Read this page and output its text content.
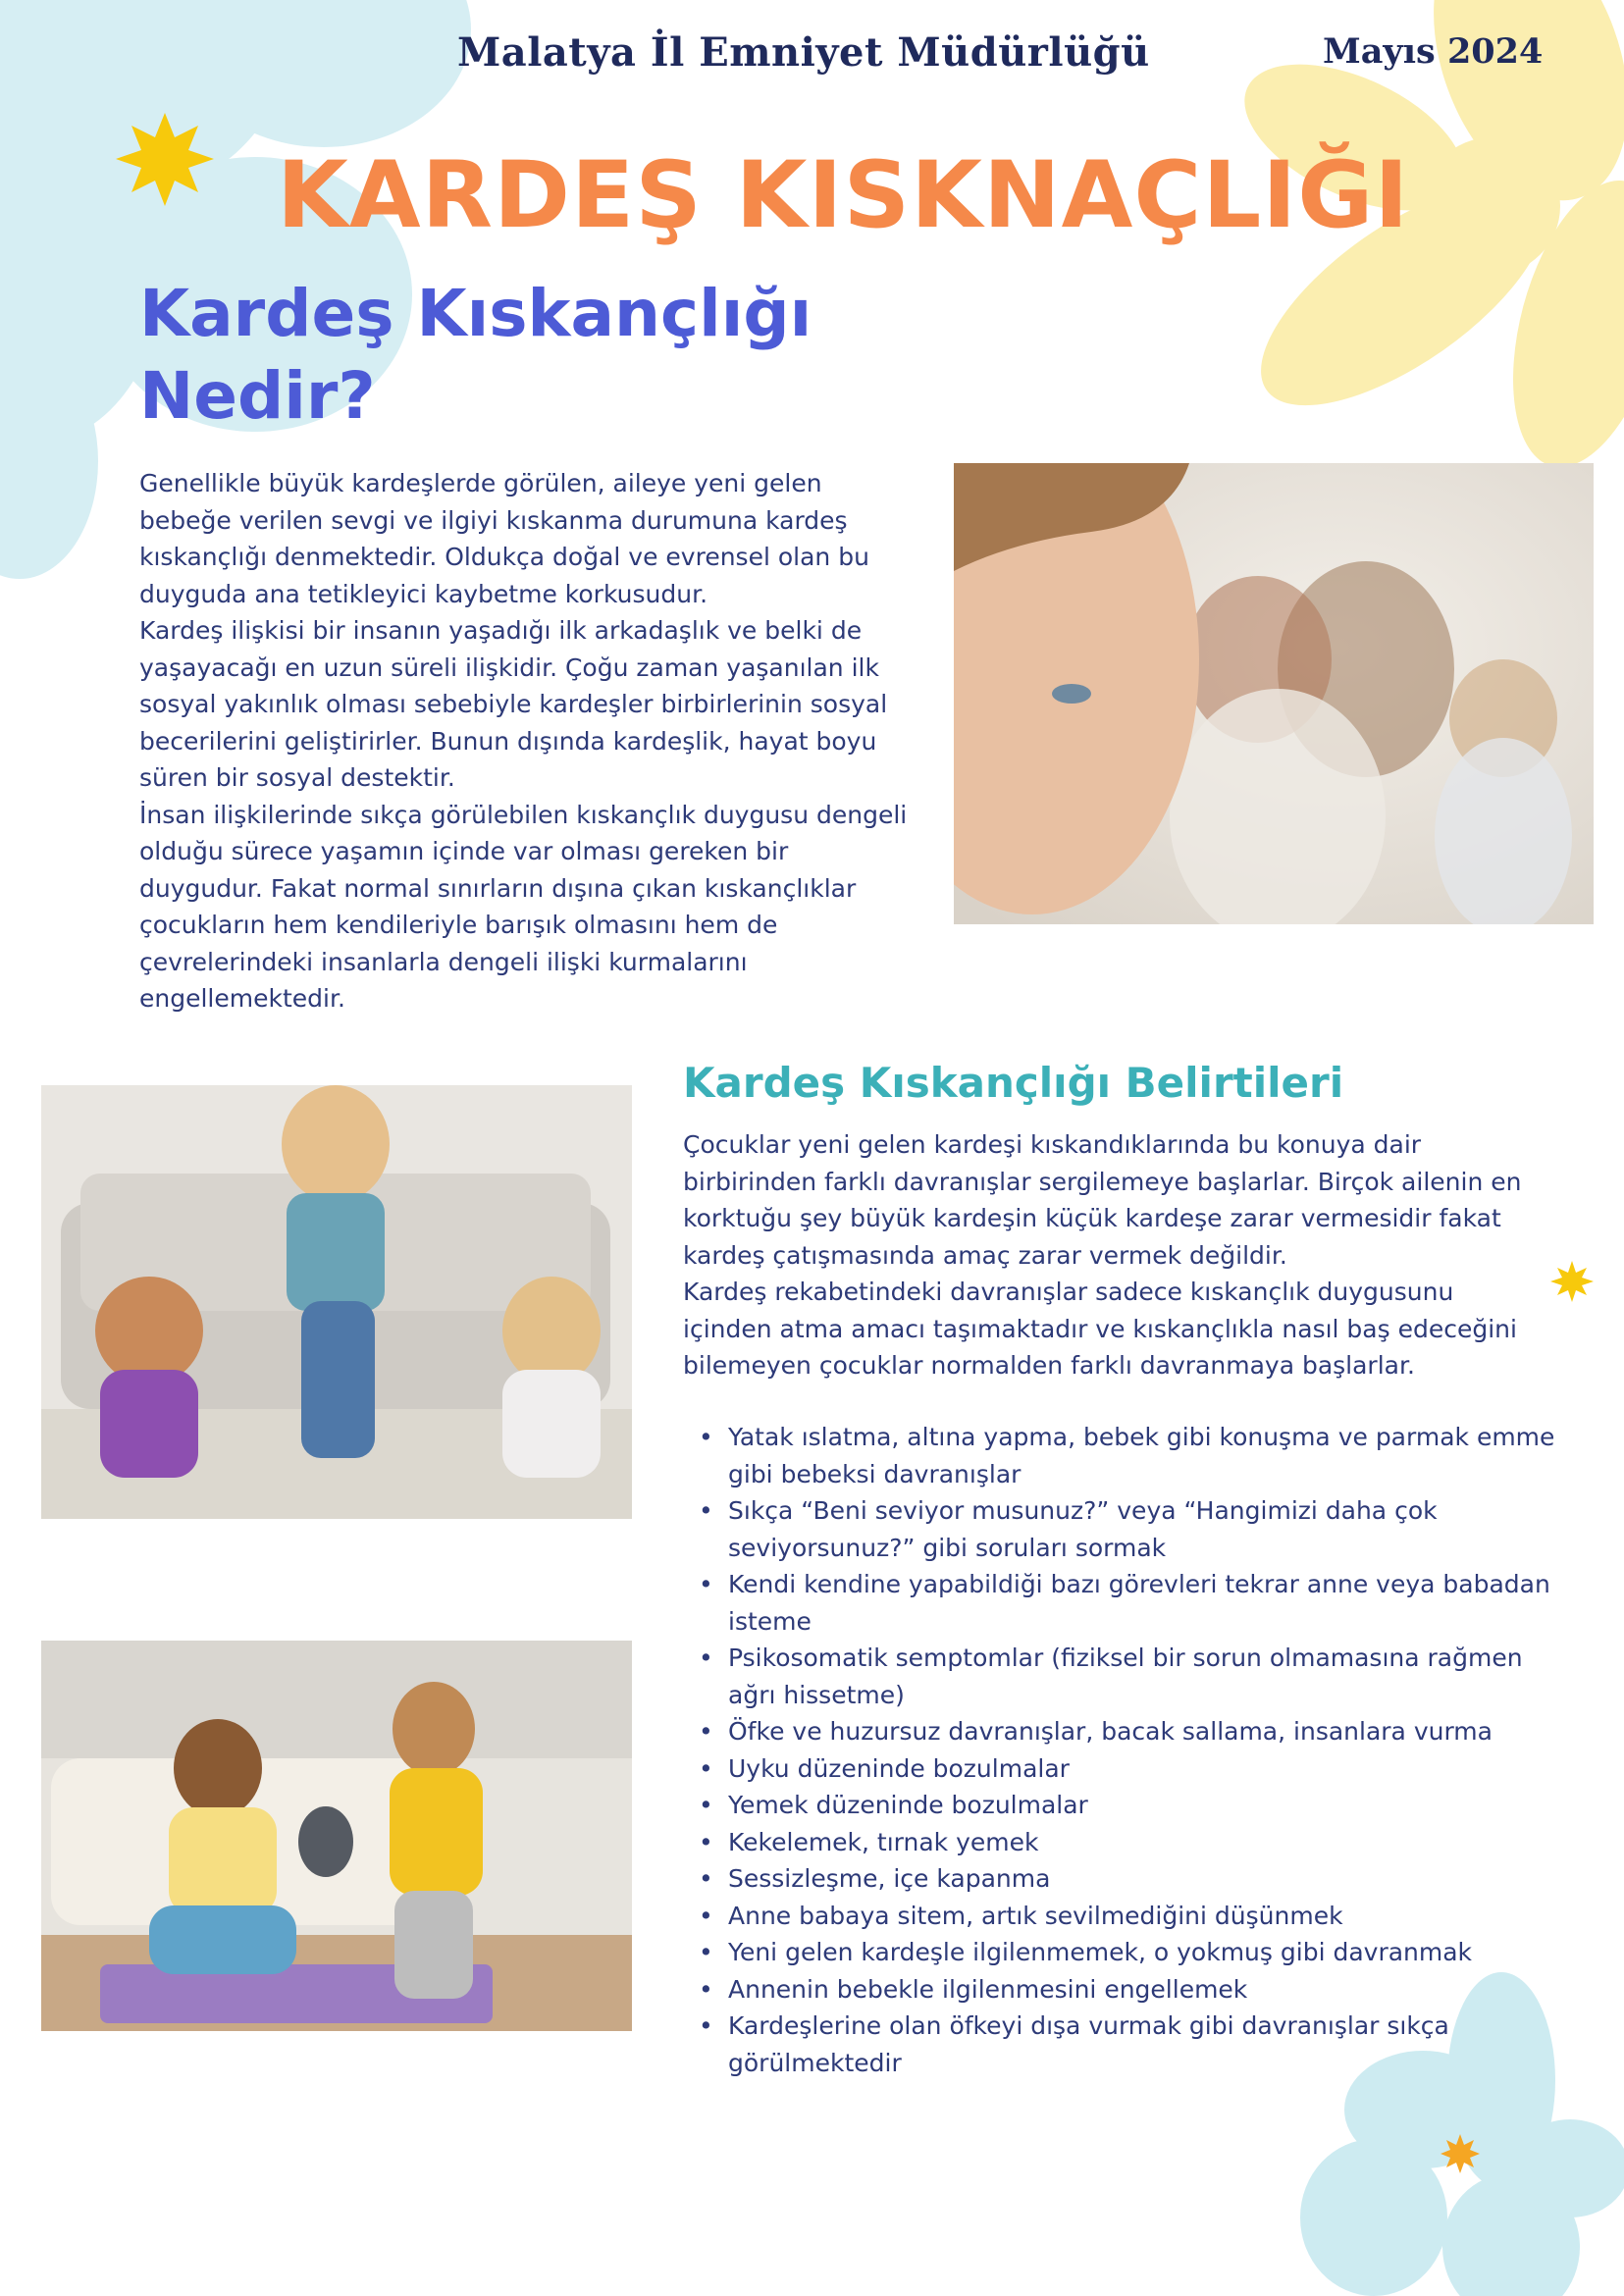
Malatya İl Emniyet Müdürlüğü	Mayıs 2024
KARDEŞ KISKNAÇLIĞI
Kardeş Kıskançlığı Nedir?

Genellikle büyük kardeşlerde görülen, aileye yeni gelen bebeğe verilen sevgi ve ilgiyi kıskanma durumuna kardeş kıskançlığı denmektedir. Oldukça doğal ve evrensel olan bu duyguda ana tetikleyici kaybetme korkusudur.

Kardeş ilişkisi bir insanın yaşadığı ilk arkadaşlık ve belki de yaşayacağı en uzun süreli ilişkidir. Çoğu zaman yaşanılan ilk sosyal yakınlık olması sebebiyle kardeşler birbirlerinin sosyal becerilerini geliştirirler. Bunun dışında kardeşlik, hayat boyu süren bir sosyal destektir.

İnsan ilişkilerinde sıkça görülebilen kıskançlık duygusu dengeli olduğu sürece yaşamın içinde var olması gereken bir duygudur. Fakat normal sınırların dışına çıkan kıskançlıklar çocukların hem kendileriyle barışık olmasını hem de çevrelerindeki insanlarla dengeli ilişki kurmalarını engellemektedir.

Kardeş Kıskançlığı Belirtileri

Çocuklar yeni gelen kardeşi kıskandıklarında bu konuya dair birbirinden farklı davranışlar sergilemeye başlarlar. Birçok ailenin en korktuğu şey büyük kardeşin küçük kardeşe zarar vermesidir fakat kardeş çatışmasında amaç zarar vermek değildir.

Kardeş rekabetindeki davranışlar sadece kıskançlık duygusunu içinden atma amacı taşımaktadır ve kıskançlıkla nasıl baş edeceğini bilemeyen çocuklar normalden farklı davranmaya başlarlar.

• Yatak ıslatma, altına yapma, bebek gibi konuşma ve parmak emme gibi bebeksi davranışlar
• Sıkça “Beni seviyor musunuz?” veya “Hangimizi daha çok seviyorsunuz?” gibi soruları sormak
• Kendi kendine yapabildiği bazı görevleri tekrar anne veya babadan isteme
• Psikosomatik semptomlar (fiziksel bir sorun olmamasına rağmen ağrı hissetme)
• Öfke ve huzursuz davranışlar, bacak sallama, insanlara vurma
• Uyku düzeninde bozulmalar
• Yemek düzeninde bozulmalar
• Kekelemek, tırnak yemek
• Sessizleşme, içe kapanma
• Anne babaya sitem, artık sevilmediğini düşünmek
• Yeni gelen kardeşle ilgilenmemek, o yokmuş gibi davranmak
• Annenin bebekle ilgilenmesini engellemek
• Kardeşlerine olan öfkeyi dışa vurmak gibi davranışlar sıkça görülmektedir
